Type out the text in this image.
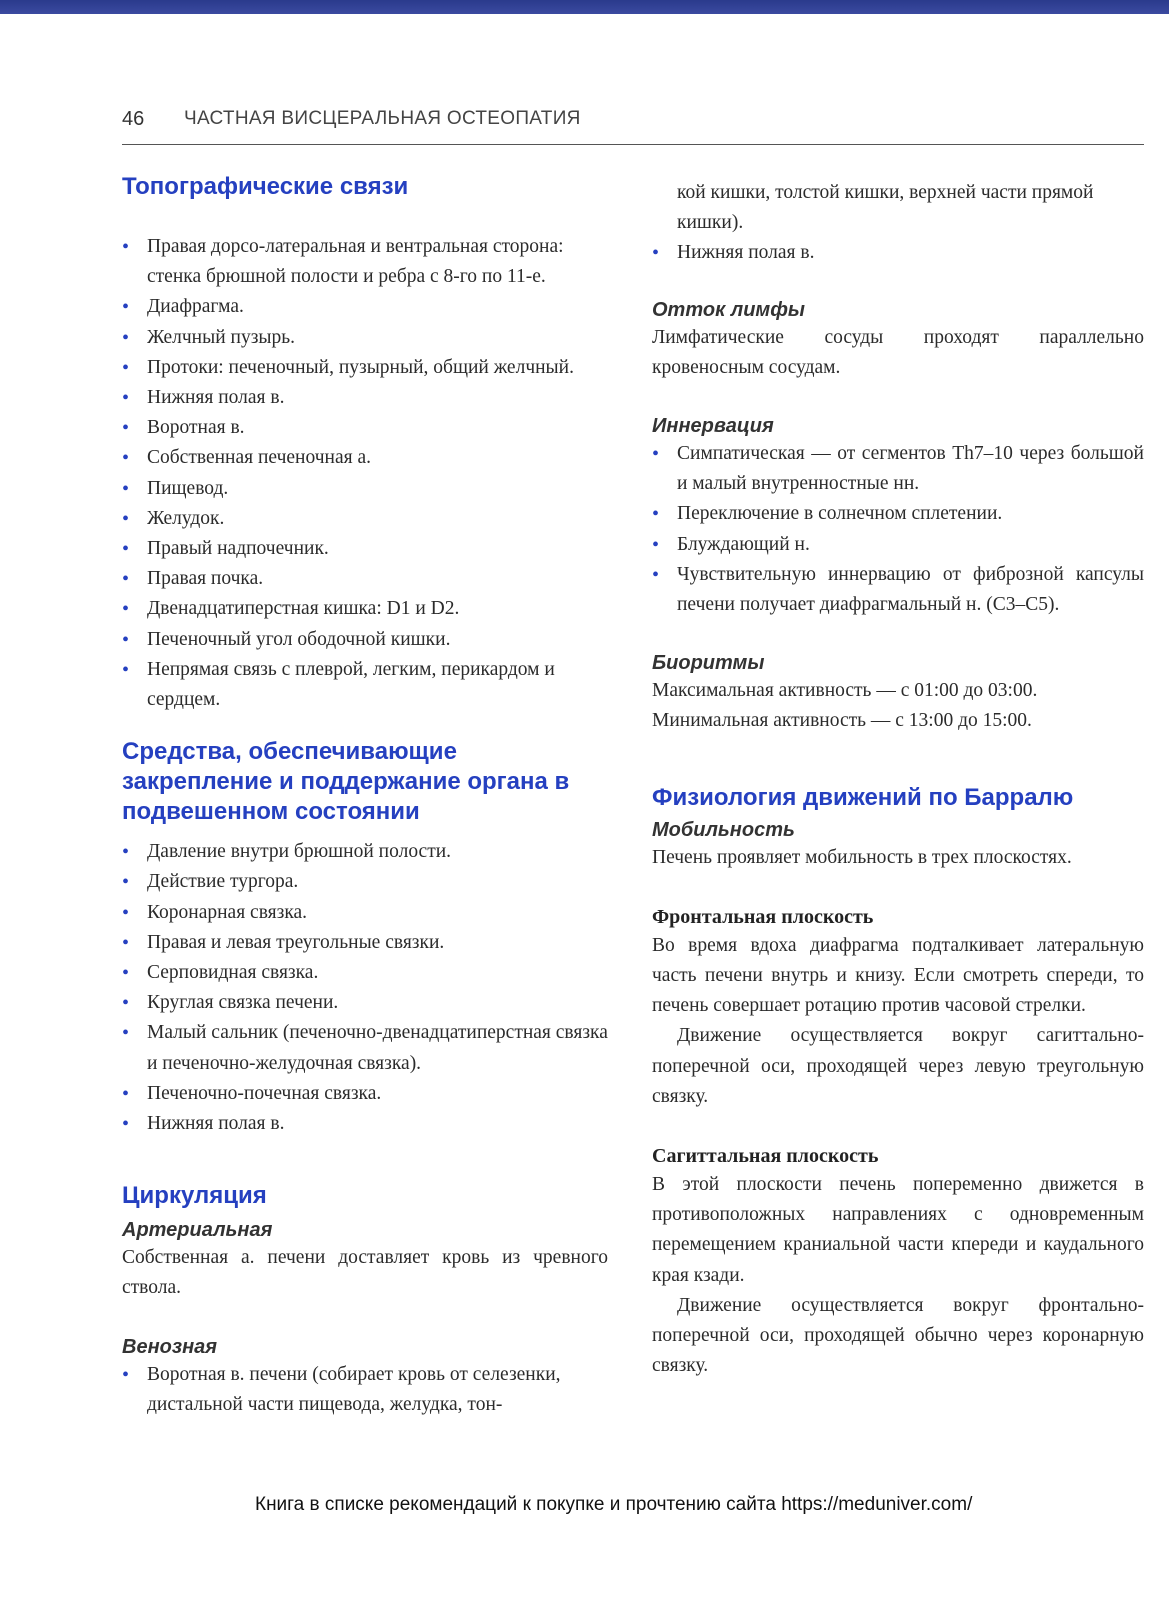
46 ЧАСТНАЯ ВИСЦЕРАЛЬНАЯ ОСТЕОПАТИЯ
Топографические связи
• Правая дорсо-латеральная и вентральная сторона: стенка брюшной полости и ребра с 8-го по 11-е.
• Диафрагма.
• Желчный пузырь.
• Протоки: печеночный, пузырный, общий желчный.
• Нижняя полая в.
• Воротная в.
• Собственная печеночная а.
• Пищевод.
• Желудок.
• Правый надпочечник.
• Правая почка.
• Двенадцатиперстная кишка: D1 и D2.
• Печеночный угол ободочной кишки.
• Непрямая связь с плеврой, легким, перикардом и сердцем.
Средства, обеспечивающие закрепление и поддержание органа в подвешенном состоянии
• Давление внутри брюшной полости.
• Действие тургора.
• Коронарная связка.
• Правая и левая треугольные связки.
• Серповидная связка.
• Круглая связка печени.
• Малый сальник (печеночно-двенадцатиперстная связка и печеночно-желудочная связка).
• Печеночно-почечная связка.
• Нижняя полая в.
Циркуляция
Артериальная

Собственная а. печени доставляет кровь из чревного ствола.

Венозная
• Воротная в. печени (собирает кровь от селезенки, дистальной части пищевода, желудка, тон-
кой кишки, толстой кишки, верхней части прямой кишки).
• Нижняя полая в.
Отток лимфы

Лимфатические сосуды проходят параллельно кровеносным сосудам.

Иннервация
• Симпатическая — от сегментов Th7–10 через большой и малый внутренностные нн.
• Переключение в солнечном сплетении.
• Блуждающий н.
• Чувствительную иннервацию от фиброзной капсулы печени получает диафрагмальный н. (C3–C5).
Биоритмы

Максимальная активность — с 01:00 до 03:00.

Минимальная активность — с 13:00 до 15:00.

Физиология движений по Барралю
Мобильность

Печень проявляет мобильность в трех плоскостях.

Фронтальная плоскость

Во время вдоха диафрагма подталкивает латеральную часть печени внутрь и книзу. Если смотреть спереди, то печень совершает ротацию против часовой стрелки.

Движение осуществляется вокруг сагиттально-поперечной оси, проходящей через левую треугольную связку.

Сагиттальная плоскость

В этой плоскости печень попеременно движется в противоположных направлениях с одновременным перемещением краниальной части кпереди и каудального края кзади.

Движение осуществляется вокруг фронтально-поперечной оси, проходящей обычно через коронарную связку.

Книга в списке рекомендаций к покупке и прочтению сайта https://meduniver.com/
